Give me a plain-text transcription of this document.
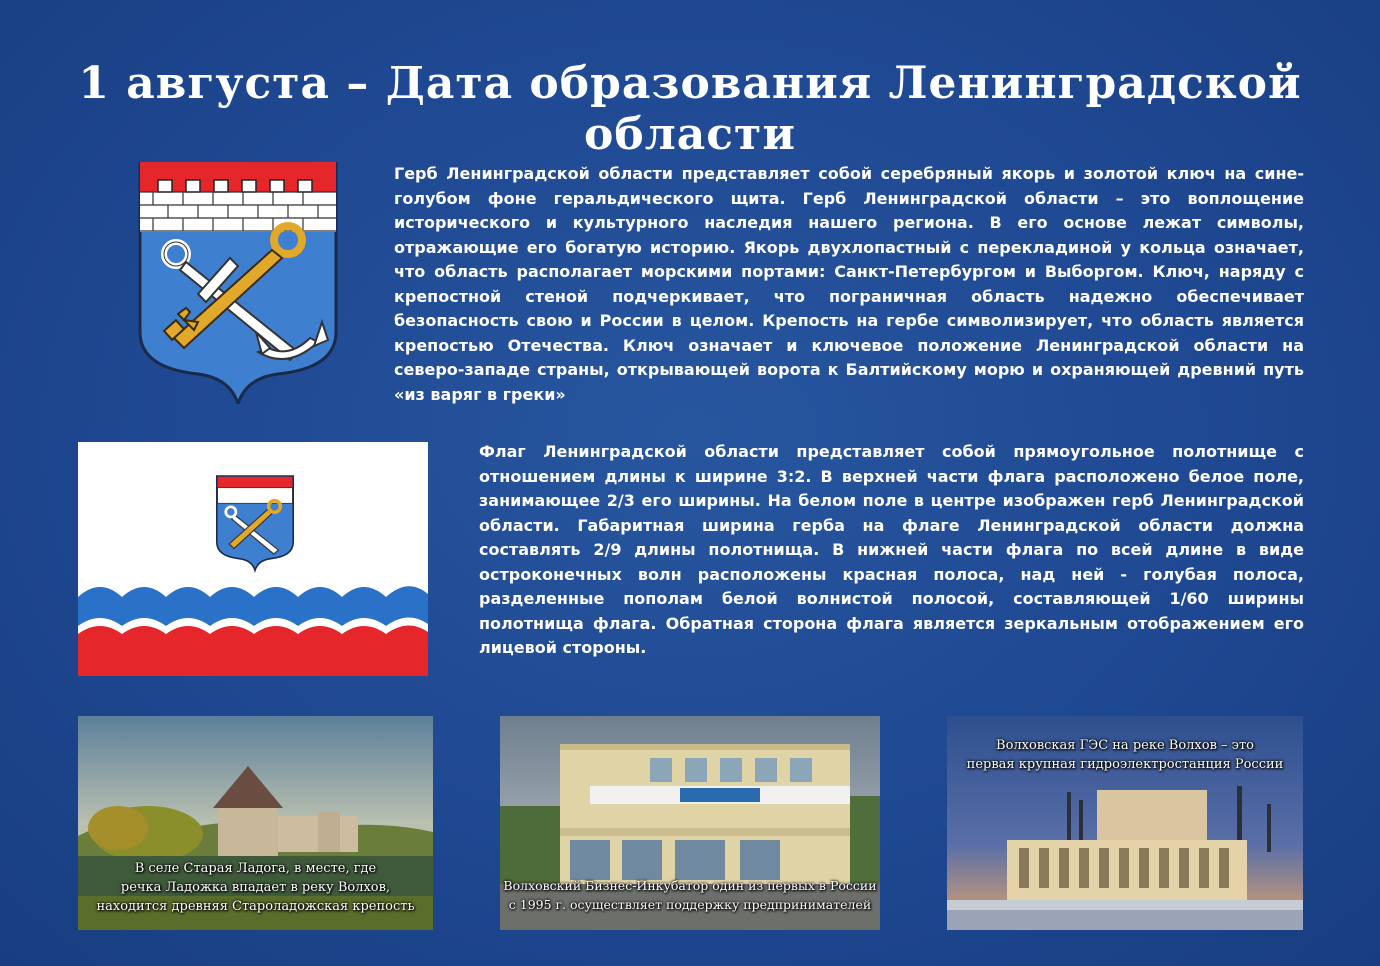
1 августа – Дата образования Ленинградской области
Герб Ленинградской области представляет собой серебряный якорь и золотой ключ на сине-голубом фоне геральдического щита. Герб Ленинградской области – это воплощение исторического и культурного наследия нашего региона. В его основе лежат символы, отражающие его богатую историю. Якорь двухлопастный с перекладиной у кольца означает, что область располагает морскими портами: Санкт-Петербургом и Выборгом. Ключ, наряду с крепостной стеной подчеркивает, что пограничная область надежно обеспечивает безопасность свою и России в целом. Крепость на гербе символизирует, что область является крепостью Отечества. Ключ означает и ключевое положение Ленинградской области на северо-западе страны, открывающей ворота к Балтийскому морю и охраняющей древний путь «из варяг в греки»
Флаг Ленинградской области представляет собой прямоугольное полотнище с отношением длины к ширине 3:2. В верхней части флага расположено белое поле, занимающее 2/3 его ширины. На белом поле в центре изображен герб Ленинградской области. Габаритная ширина герба на флаге Ленинградской области должна составлять 2/9 длины полотнища. В нижней части флага по всей длине в виде остроконечных волн расположены красная полоса, над ней - голубая полоса, разделенные пополам белой волнистой полосой, составляющей 1/60 ширины полотнища флага. Обратная сторона флага является зеркальным отображением его лицевой стороны.
В селе Старая Ладога, в месте, где
речка Ладожка впадает в реку Волхов,
находится древняя Староладожская крепость
Волховский Бизнес-Инкубатор один из первых в России
с 1995 г. осуществляет поддержку предпринимателей
Волховская ГЭС на реке Волхов – это
первая крупная гидроэлектростанция России
